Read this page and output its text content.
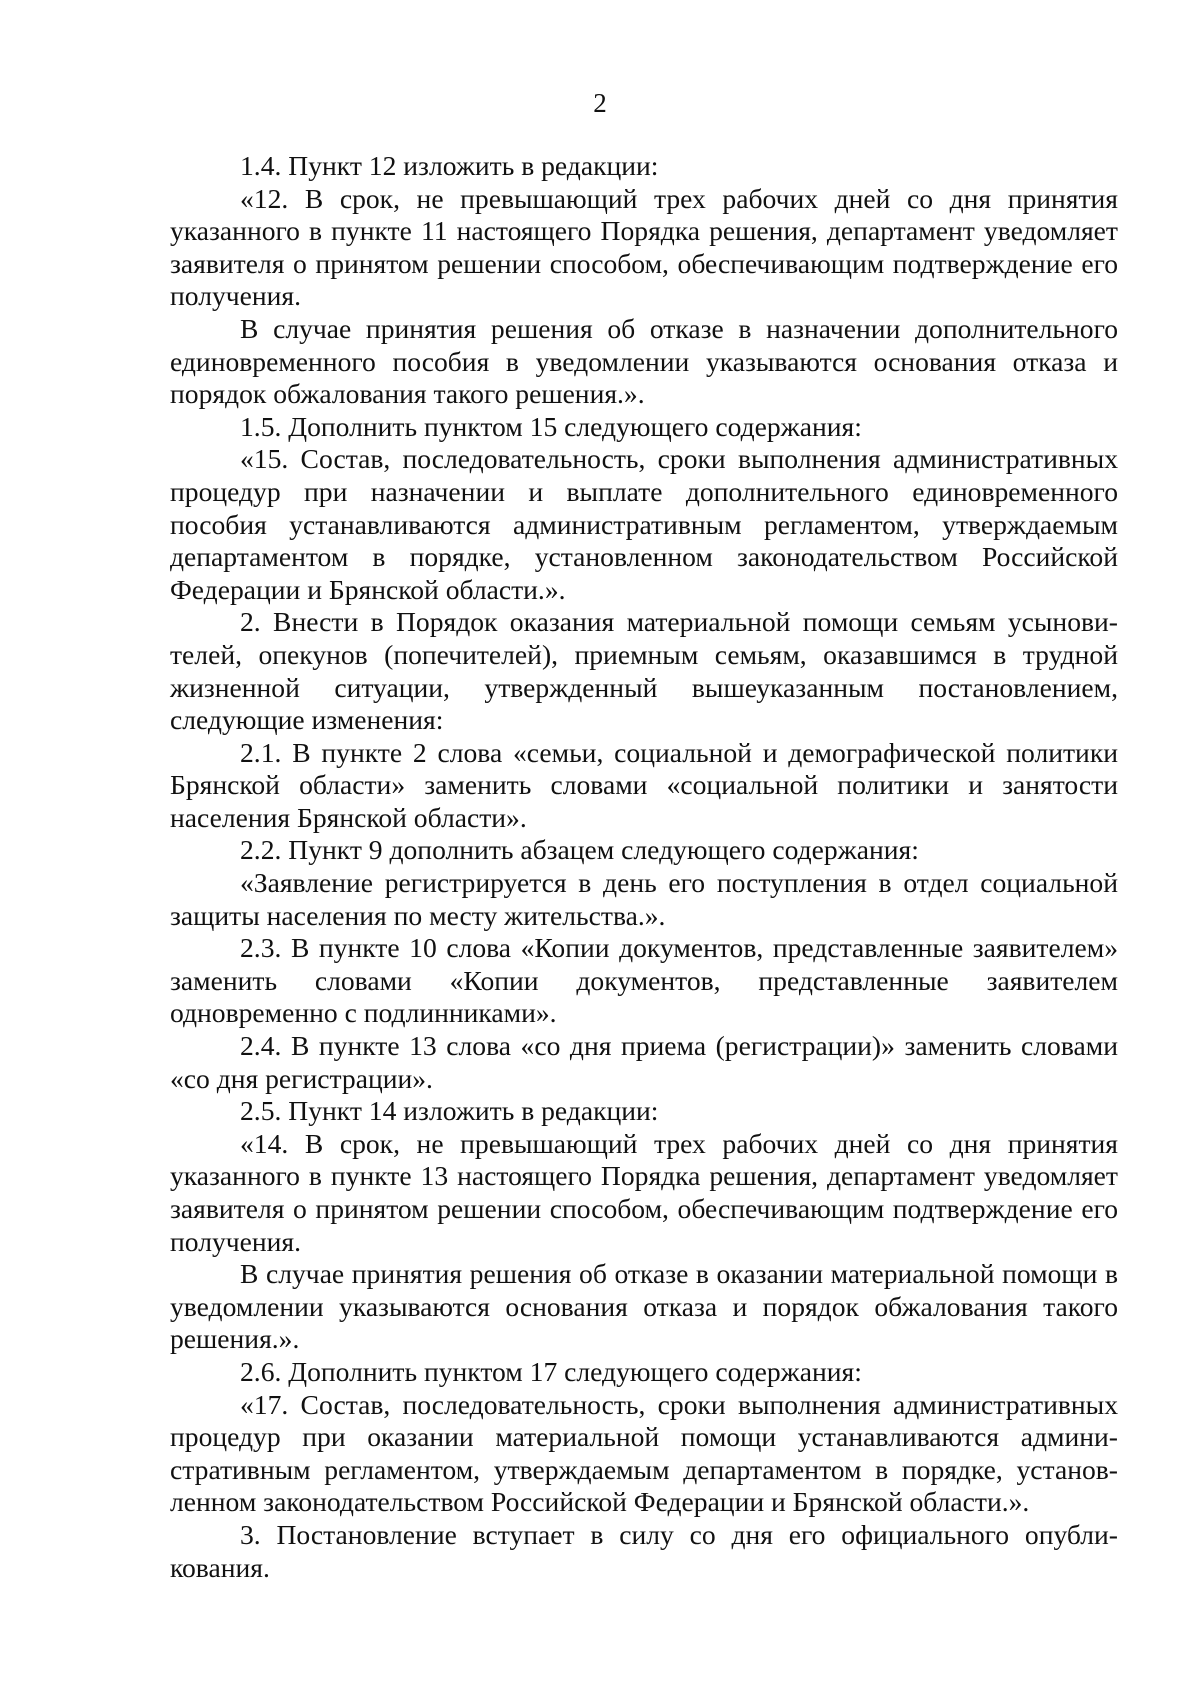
2

1.4. Пункт 12 изложить в редакции:

«12. В срок, не превышающий трех рабочих дней со дня принятия указанного в пункте 11 настоящего Порядка решения, департамент уведомляет заявителя о принятом решении способом, обеспечивающим подтверждение его получения.

В случае принятия решения об отказе в назначении дополнительного единовременного пособия в уведомлении указываются основания отказа и порядок обжалования такого решения.».

1.5. Дополнить пунктом 15 следующего содержания:

«15. Состав, последовательность, сроки выполнения административных процедур при назначении и выплате дополнительного единовременного пособия устанавливаются административным регламентом, утверждаемым департаментом в порядке, установленном законодательством Российской Федерации и Брянской области.».

2. Внести в Порядок оказания материальной помощи семьям усыновителей, опекунов (попечителей), приемным семьям, оказавшимся в трудной жизненной ситуации, утвержденный вышеуказанным постановлением, следующие изменения:

2.1. В пункте 2 слова «семьи, социальной и демографической политики Брянской области» заменить словами «социальной политики и занятости населения Брянской области».

2.2. Пункт 9 дополнить абзацем следующего содержания:

«Заявление регистрируется в день его поступления в отдел социальной защиты населения по месту жительства.».

2.3. В пункте 10 слова «Копии документов, представленные заявителем» заменить словами «Копии документов, представленные заявителем одновременно с подлинниками».

2.4. В пункте 13 слова «со дня приема (регистрации)» заменить словами «со дня регистрации».

2.5. Пункт 14 изложить в редакции:

«14. В срок, не превышающий трех рабочих дней со дня принятия указанного в пункте 13 настоящего Порядка решения, департамент уведомляет заявителя о принятом решении способом, обеспечивающим подтверждение его получения.

В случае принятия решения об отказе в оказании материальной помощи в уведомлении указываются основания отказа и порядок обжалования такого решения.».

2.6. Дополнить пунктом 17 следующего содержания:

«17. Состав, последовательность, сроки выполнения административных процедур при оказании материальной помощи устанавливаются административным регламентом, утверждаемым департаментом в порядке, установленном законодательством Российской Федерации и Брянской области.».

3. Постановление вступает в силу со дня его официального опубликования.
